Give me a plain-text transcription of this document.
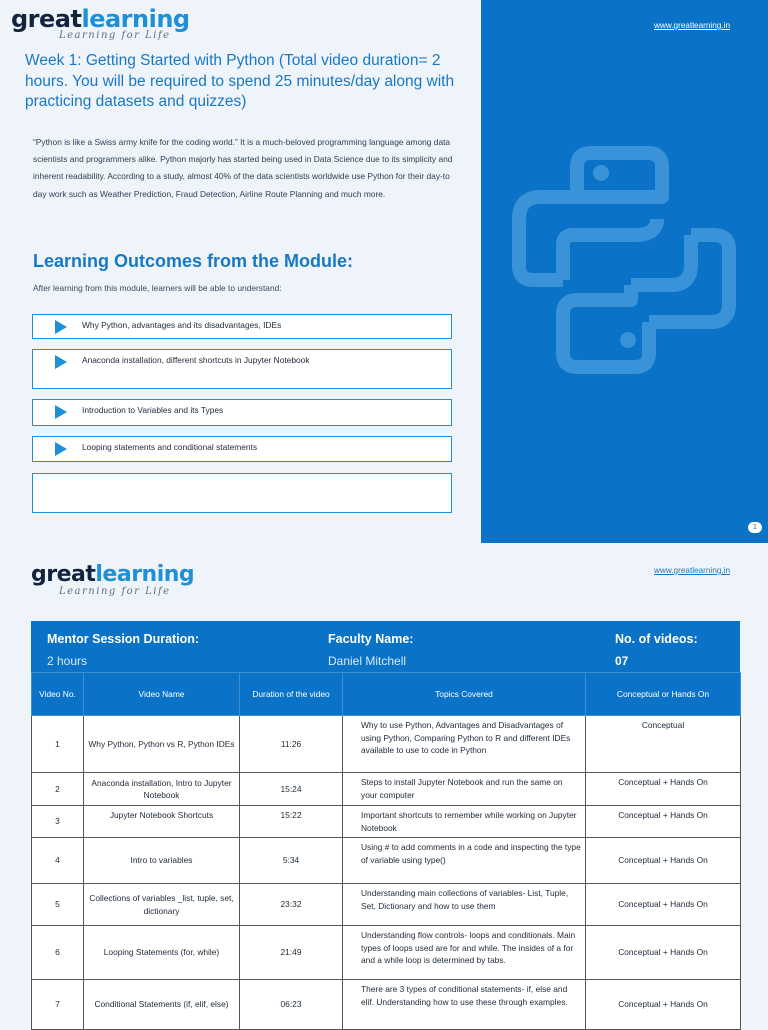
greatlearning
Learning for Life
Week 1: Getting Started with Python (Total video duration= 2 hours. You will be required to spend 25 minutes/day along with practicing datasets and quizzes)
“Python is like a Swiss army knife for the coding world.” It is a much-beloved programming language among data scientists and programmers alike. Python majorly has started being used in Data Science due to its simplicity and inherent readability. According to a study, almost 40% of the data scientists worldwide use Python for their day-to day work such as Weather Prediction, Fraud Detection, Airline Route Planning and much more.
Learning Outcomes from the Module:
After learning from this module, learners will be able to understand:
Why Python, advantages and its disadvantages, IDEs
Anaconda installation, different shortcuts in Jupyter Notebook
Introduction to Variables and its Types
Looping statements and conditional statements
www.greatlearning.in
1
greatlearning
Learning for Life
www.greatlearning.in
Mentor Session Duration:
2 hours
Faculty Name:
Daniel Mitchell
No. of videos:
07
Video No.	Video Name	Duration of the video	Topics Covered	Conceptual or Hands On
1	Why Python, Python vs R, Python IDEs	11:26	Why to use Python, Advantages and Disadvantages of using Python, Comparing Python to R and different IDEs available to use to code in Python	Conceptual
2	Anaconda installation, Intro to Jupyter Notebook	15:24	Steps to install Jupyter Notebook and run the same on your computer	Conceptual + Hands On
3	Jupyter Notebook Shortcuts	15:22	Important shortcuts to remember while working on Jupyter Notebook	Conceptual + Hands On
4	Intro to variables	5:34	Using # to add comments in a code and inspecting the type of variable using type()	Conceptual + Hands On
5	Collections of variables _list, tuple, set, dictionary	23:32	Understanding main collections of variables- List, Tuple, Set, Dictionary and how to use them	Conceptual + Hands On
6	Looping Statements (for, while)	21:49	Understanding flow controls- loops and conditionals. Main types of loops used are for and while. The insides of a for and a while loop is determined by tabs.	Conceptual + Hands On
7	Conditional Statements (if, elif, else)	06:23	There are 3 types of conditional statements- if, else and elif. Understanding how to use these through examples.	Conceptual + Hands On
